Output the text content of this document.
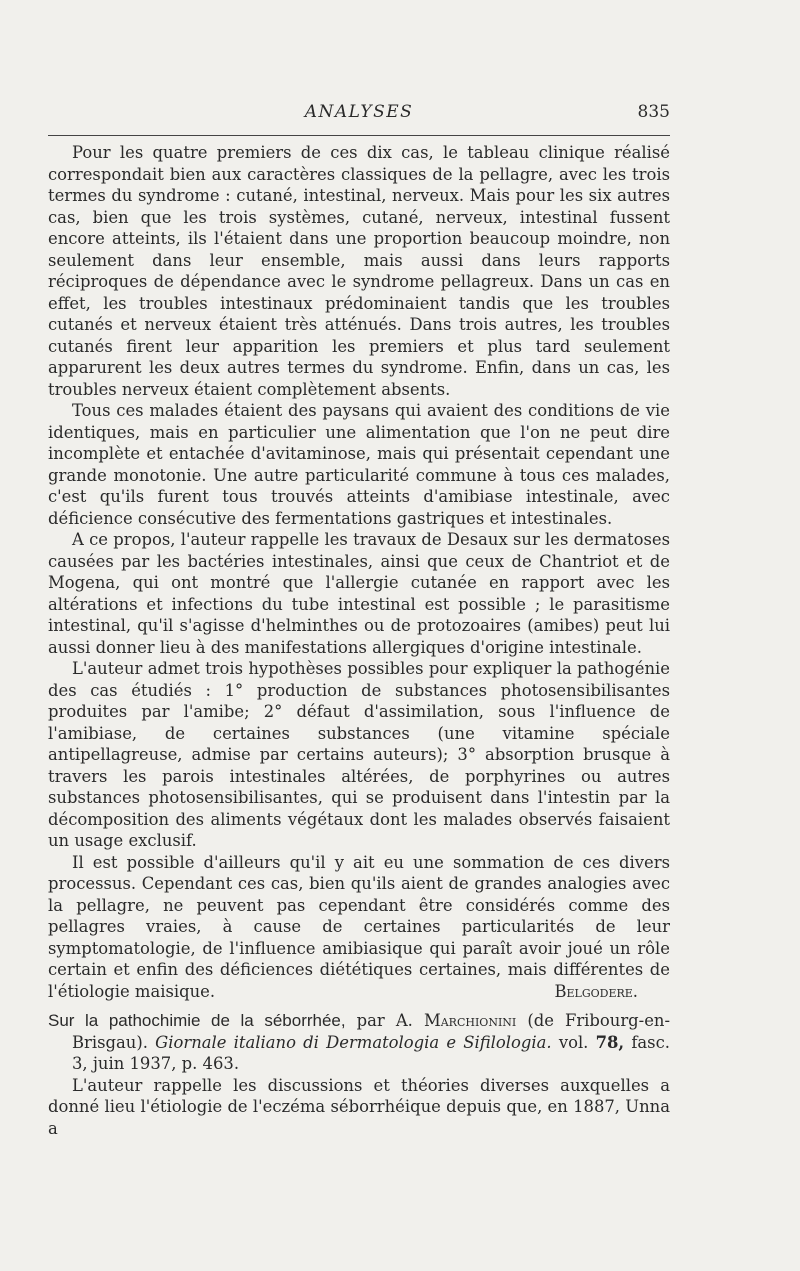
ANALYSES	835

Pour les quatre premiers de ces dix cas, le tableau clinique réalisé correspondait bien aux caractères classiques de la pellagre, avec les trois termes du syndrome : cutané, intestinal, nerveux. Mais pour les six autres cas, bien que les trois systèmes, cutané, nerveux, intestinal fussent encore atteints, ils l'étaient dans une proportion beaucoup moindre, non seulement dans leur ensemble, mais aussi dans leurs rapports réciproques de dépendance avec le syndrome pellagreux. Dans un cas en effet, les troubles intestinaux prédominaient tandis que les troubles cutanés et nerveux étaient très atténués. Dans trois autres, les troubles cutanés firent leur apparition les premiers et plus tard seulement apparurent les deux autres termes du syndrome. Enfin, dans un cas, les troubles nerveux étaient complètement absents.

Tous ces malades étaient des paysans qui avaient des conditions de vie identiques, mais en particulier une alimentation que l'on ne peut dire incomplète et entachée d'avitaminose, mais qui présentait cependant une grande monotonie. Une autre particularité commune à tous ces malades, c'est qu'ils furent tous trouvés atteints d'amibiase intestinale, avec déficience consécutive des fermentations gastriques et intestinales.

A ce propos, l'auteur rappelle les travaux de Desaux sur les dermatoses causées par les bactéries intestinales, ainsi que ceux de Chantriot et de Mogena, qui ont montré que l'allergie cutanée en rapport avec les altérations et infections du tube intestinal est possible ; le parasitisme intestinal, qu'il s'agisse d'helminthes ou de protozoaires (amibes) peut lui aussi donner lieu à des manifestations allergiques d'origine intestinale.

L'auteur admet trois hypothèses possibles pour expliquer la pathogénie des cas étudiés : 1° production de substances photosensibilisantes produites par l'amibe; 2° défaut d'assimilation, sous l'influence de l'amibiase, de certaines substances (une vitamine spéciale antipellagreuse, admise par certains auteurs); 3° absorption brusque à travers les parois intestinales altérées, de porphyrines ou autres substances photosensibilisantes, qui se produisent dans l'intestin par la décomposition des aliments végétaux dont les malades observés faisaient un usage exclusif.

Il est possible d'ailleurs qu'il y ait eu une sommation de ces divers processus. Cependant ces cas, bien qu'ils aient de grandes analogies avec la pellagre, ne peuvent pas cependant être considérés comme des pellagres vraies, à cause de certaines particularités de leur symptomatologie, de l'influence amibiasique qui paraît avoir joué un rôle certain et enfin des déficiences diététiques certaines, mais différentes de l'étiologie maisique.	Belgodere.

Sur la pathochimie de la séborrhée, par A. Marchionini (de Fribourg-en-Brisgau). Giornale italiano di Dermatologia e Sifilologia. vol. 78, fasc. 3, juin 1937, p. 463.

L'auteur rappelle les discussions et théories diverses auxquelles a donné lieu l'étiologie de l'eczéma séborrhéique depuis que, en 1887, Unna a
